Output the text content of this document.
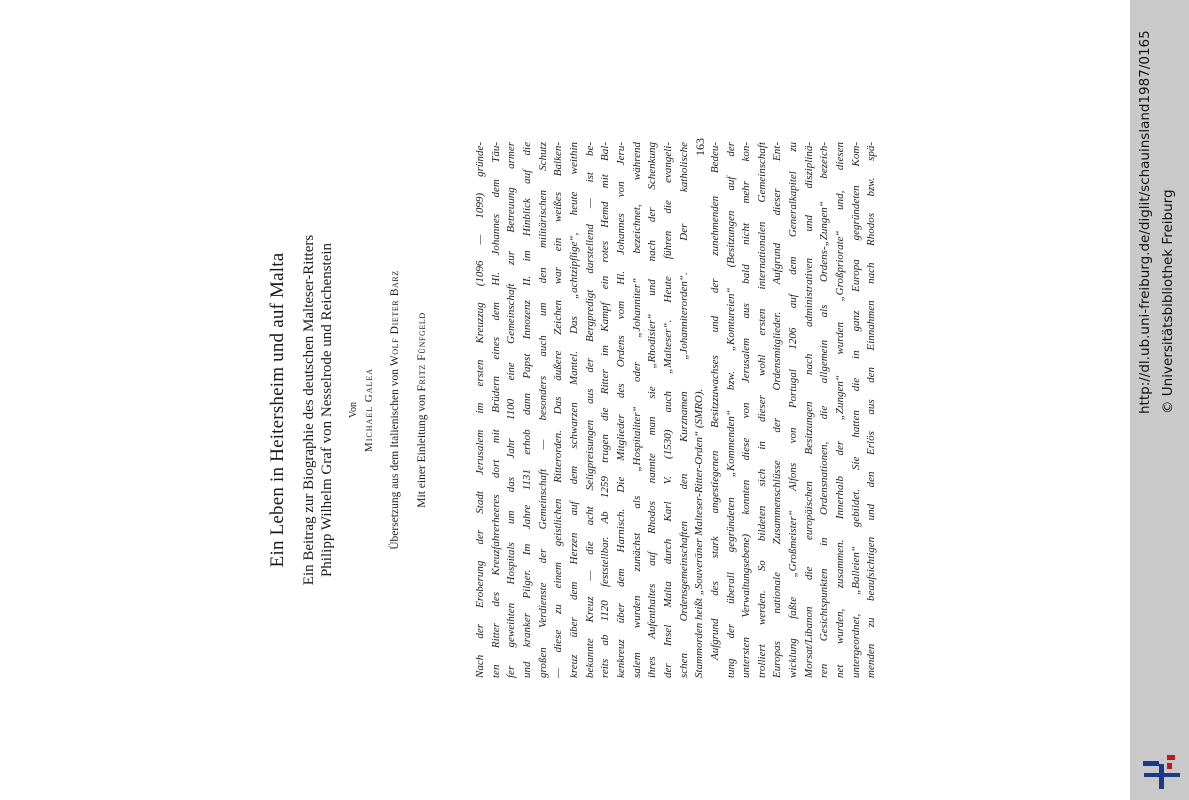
Ein Leben in Heitersheim und auf Malta Ein Beitrag zur Biographie des deutschen Malteser-Ritters Philipp Wilhelm Graf von Nesselrode und Reichenstein Von Michael Galea Übersetzung aus dem Italienischen von Wolf Dieter Barz
Mit einer Einleitung von Fritz Fünfgeld	Nach der Eroberung der Stadt Jerusalem im ersten Kreuzzug (1096 — 1099) gründe- ten Ritter des Kreuzfahrerheeres dort mit Brüdern eines dem Hl. Johannes dem Täu- fer geweihten Hospitals um das Jahr 1100 eine Gemeinschaft zur Betreuung armer und kranker Pilger. Im Jahre 1131 erhob dann Papst Innozenz II. im Hinblick auf die großen Verdienste der Gemeinschaft — besonders auch um den militärischen Schutz — diese zu einem geistlichen Ritterorden. Das äußere Zeichen war ein weißes Balken- kreuz über dem Herzen auf dem schwarzen Mantel. Das „achtzipflige“, heute weithin bekannte Kreuz — die acht Seligpreisungen aus der Bergpredigt darstellend — ist be- reits ab 1120 feststellbar. Ab 1259 trugen die Ritter im Kampf ein rotes Hemd mit Bal- kenkreuz über dem Harnisch. Die Mitglieder des Ordens vom Hl. Johannes von Jeru- salem wurden zunächst als „Hospitaliter“ oder „Johanniter“ bezeichnet, während ihres Aufenthaltes auf Rhodos nannte man sie „Rhodisier“ und nach der Schenkung der Insel Malta durch Karl V. (1530) auch „Malteser“. Heute führen die evangeli- schen Ordensgemeinschaften den Kurznamen „Johanniterorden“. Der katholische Stammorden heißt „Souveräner Malteser-Ritter-Orden“ (SMRO). Aufgrund des stark angestiegenen Besitzzuwachses und der zunehmenden Bedeu- tung der überall gegründeten „Kommenden“ bzw. „Komtureien“ (Besitzungen auf der untersten Verwaltungsebene) konnten diese von Jerusalem aus bald nicht mehr kon- trolliert werden. So bildeten sich in dieser wohl ersten internationalen Gemeinschaft Europas nationale Zusammenschlüsse der Ordensmitglieder. Aufgrund dieser Ent- wicklung faßte „Großmeister“ Alfons von Portugal 1206 auf dem Generalkapitel zu Morsat/Libanon die europäischen Besitzungen nach administrativen und disziplinä- ren Gesichtspunkten in Ordensnationen, die allgemein als Ordens-„Zungen“ bezeich- net wurden, zusammen. Innerhalb der „Zungen“ wurden „Großpriorate“ und, diesen untergeordnet, „Balleien“ gebildet. Sie hatten die in ganz Europa gegründeten Kom- menden zu beaufsichtigen und den Erlös aus den Einnahmen nach Rhodos bzw. spä-
163	http://dl.ub.uni-freiburg.de/diglit/schauinsland1987/0165 © Universitätsbibliothek Freiburg
